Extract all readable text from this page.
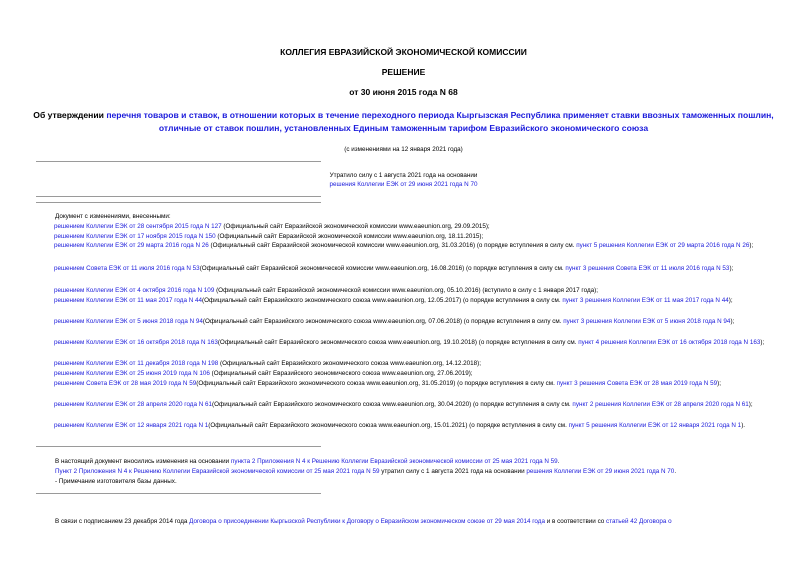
КОЛЛЕГИЯ ЕВРАЗИЙСКОЙ ЭКОНОМИЧЕСКОЙ КОМИССИИ
РЕШЕНИЕ
от 30 июня 2015 года N 68
Об утверждении перечня товаров и ставок, в отношении которых в течение переходного периода Кыргызская Республика применяет ставки ввозных таможенных пошлин, отличные от ставок пошлин, установленных Единым таможенным тарифом Евразийского экономического союза
(с изменениями на 12 января 2021 года)
Утратило силу с 1 августа 2021 года на основании
решения Коллегии ЕЭК от 29 июня 2021 года N 70
Документ с изменениями, внесенными:
решением Коллегии ЕЭК от 28 сентября 2015 года N 127 (Официальный сайт Евразийской экономической комиссии www.eaeunion.org, 29.09.2015);
решением Коллегии ЕЭК от 17 ноября 2015 года N 150 (Официальный сайт Евразийской экономической комиссии www.eaeunion.org, 18.11.2015);
решением Коллегии ЕЭК от 29 марта 2016 года N 26 (Официальный сайт Евразийской экономической комиссии www.eaeunion.org, 31.03.2016) (о порядке вступления в силу см. пункт 5 решения Коллегии ЕЭК от 29 марта 2016 года N 26);
решением Совета ЕЭК от 11 июля 2016 года N 53(Официальный сайт Евразийской экономической комиссии www.eaeunion.org, 16.08.2016) (о порядке вступления в силу см. пункт 3 решения Совета ЕЭК от 11 июля 2016 года N 53);
решением Коллегии ЕЭК от 4 октября 2016 года N 109 (Официальный сайт Евразийской экономической комиссии www.eaeunion.org, 05.10.2016) (вступило в силу с 1 января 2017 года);
решением Коллегии ЕЭК от 11 мая 2017 года N 44(Официальный сайт Евразийского экономического союза www.eaeunion.org, 12.05.2017) (о порядке вступления в силу см. пункт 3 решения Коллегии ЕЭК от 11 мая 2017 года N 44);
решением Коллегии ЕЭК от 5 июня 2018 года N 94(Официальный сайт Евразийского экономического союза www.eaeunion.org, 07.06.2018) (о порядке вступления в силу см. пункт 3 решения Коллегии ЕЭК от 5 июня 2018 года N 94);
решением Коллегии ЕЭК от 16 октября 2018 года N 163(Официальный сайт Евразийского экономического союза www.eaeunion.org, 19.10.2018) (о порядке вступления в силу см. пункт 4 решения Коллегии ЕЭК от 16 октября 2018 года N 163);
решением Коллегии ЕЭК от 11 декабря 2018 года N 198 (Официальный сайт Евразийского экономического союза www.eaeunion.org, 14.12.2018);
решением Коллегии ЕЭК от 25 июня 2019 года N 106 (Официальный сайт Евразийского экономического союза www.eaeunion.org, 27.06.2019);
решением Совета ЕЭК от 28 мая 2019 года N 59(Официальный сайт Евразийского экономического союза www.eaeunion.org, 31.05.2019) (о порядке вступления в силу см. пункт 3 решения Совета ЕЭК от 28 мая 2019 года N 59);
решением Коллегии ЕЭК от 28 апреля 2020 года N 61(Официальный сайт Евразийского экономического союза www.eaeunion.org, 30.04.2020) (о порядке вступления в силу см. пункт 2 решения Коллегии ЕЭК от 28 апреля 2020 года N 61);
решением Коллегии ЕЭК от 12 января 2021 года N 1(Официальный сайт Евразийского экономического союза www.eaeunion.org, 15.01.2021) (о порядке вступления в силу см. пункт 5 решения Коллегии ЕЭК от 12 января 2021 года N 1).
В настоящий документ вносились изменения на основании пункта 2 Приложения N 4 к Решению Коллегии Евразийской экономической комиссии от 25 мая 2021 года N 59.
Пункт 2 Приложения N 4 к Решению Коллегии Евразийской экономической комиссии от 25 мая 2021 года N 59 утратил силу с 1 августа 2021 года на основании решения Коллегии ЕЭК от 29 июня 2021 года N 70.
- Примечание изготовителя базы данных.
В связи с подписанием 23 декабря 2014 года Договора о присоединении Кыргызской Республики к Договору о Евразийском экономическом союзе от 29 мая 2014 года и в соответствии со статьей 42 Договора о
